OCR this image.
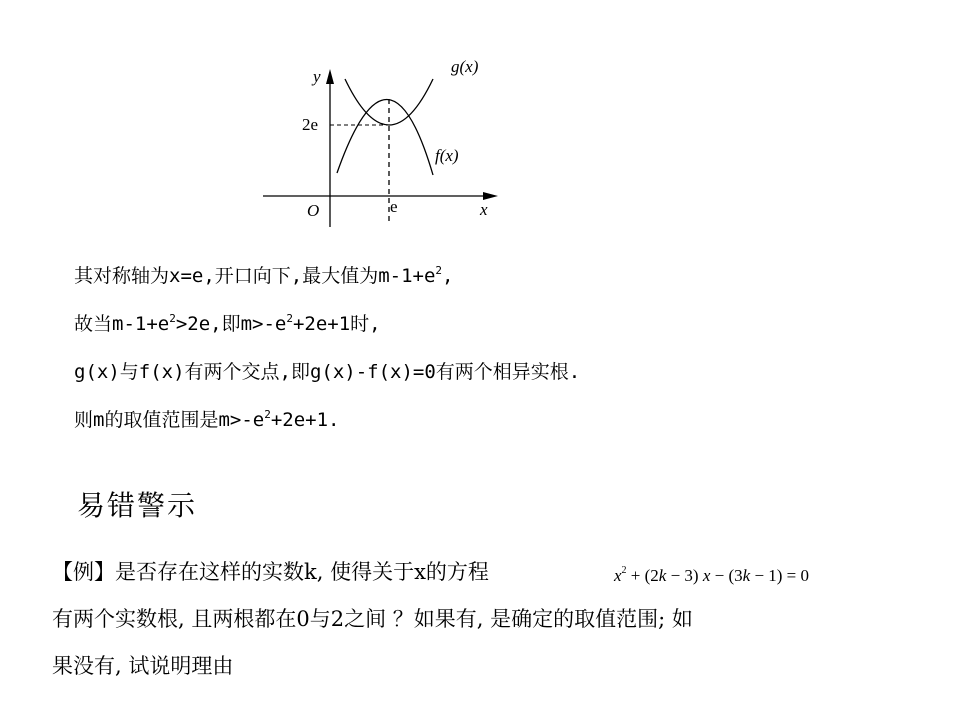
y
x
O
2e
e
g(x)
f(x)
其对称轴为x=e,开口向下,最大值为$m-1+e^2$,
故当$m-1+e^2>2e$,即$m>-e^2+2e+1$时,
g(x)与f(x)有两个交点,即g(x)-f(x)=0有两个相异实根.
则m的取值范围是$m>-e^2+2e+1$.
易错警示
【例】是否存在这样的实数k, 使得关于x的方程	$x^2 + (2k - 3) x - (3k - 1) = 0$
有两个实数根, 且两根都在0与2之间 ？如果有, 是确定的取值范围; 如
果没有, 试说明理由
